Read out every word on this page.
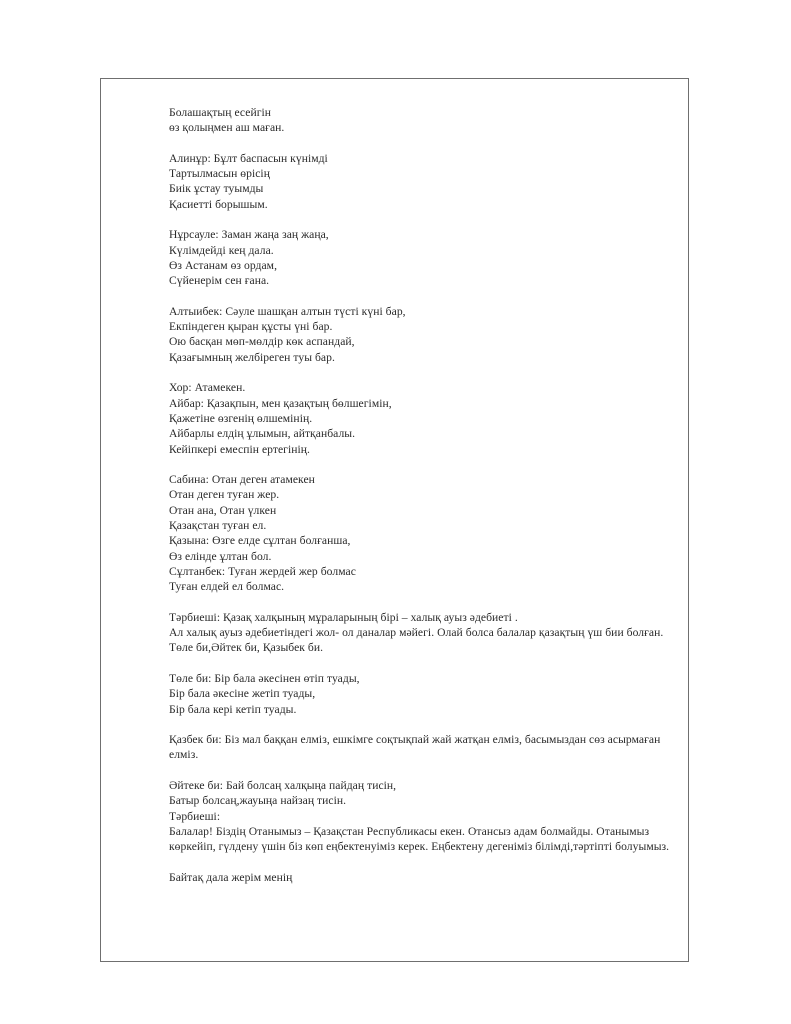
Болашақтың есейгін
өз қолыңмен аш маған.
Алинұр: Бұлт баспасын күнімді
Тартылмасын өрісің
Биік ұстау туымды
Қасиетті борышым.
Нұрсауле: Заман жаңа заң жаңа,
Күлімдейді кең дала.
Өз Астанам өз ордам,
Сүйенерім сен ғана.
Алтыибек: Сәуле шашқан алтын түсті күні бар,
Екпіндеген қыран құсты үні бар.
Ою басқан мөп-мөлдір көк аспандай,
Қазағымның желбіреген туы бар.
Хор: Атамекен.
Айбар: Қазақпын, мен қазақтың бөлшегімін,
Қажетіне өзгенің өлшемінің.
Айбарлы елдің ұлымын, айтқанбалы.
Кейіпкері емеспін ертегінің.
Сабина: Отан деген атамекен
Отан деген туған жер.
Отан ана, Отан үлкен
Қазақстан туған ел.
Қазына: Өзге елде сұлтан болғанша,
Өз елінде ұлтан бол.
Сұлтанбек: Туған жердей жер болмас
Туған елдей ел болмас.
Тәрбиеші: Қазақ халқының мұраларының бірі – халық ауыз әдебиеті .
Ал халық ауыз әдебиетіндегі жол- ол даналар мәйегі. Олай болса балалар қазақтың үш бии болған. Төле би,Әйтек би, Қазыбек би.
Төле би: Бір бала әкесінен өтіп туады,
Бір бала әкесіне жетіп туады,
Бір бала кері кетіп туады.
Қазбек би: Біз мал баққан елміз, ешкімге соқтықпай жай жатқан елміз, басымыздан сөз асырмаған елміз.
Әйтеке би: Бай болсаң халқыңа пайдаң тисін,
Батыр болсаң,жауыңа найзаң тисін.
Тәрбиеші:
Балалар! Біздің Отанымыз – Қазақстан Республикасы екен. Отансыз адам болмайды. Отанымыз көркейіп, гүлдену үшін біз көп еңбектенуіміз керек. Еңбектену дегеніміз білімді,тәртіпті болуымыз.
Байтақ дала жерім менің
